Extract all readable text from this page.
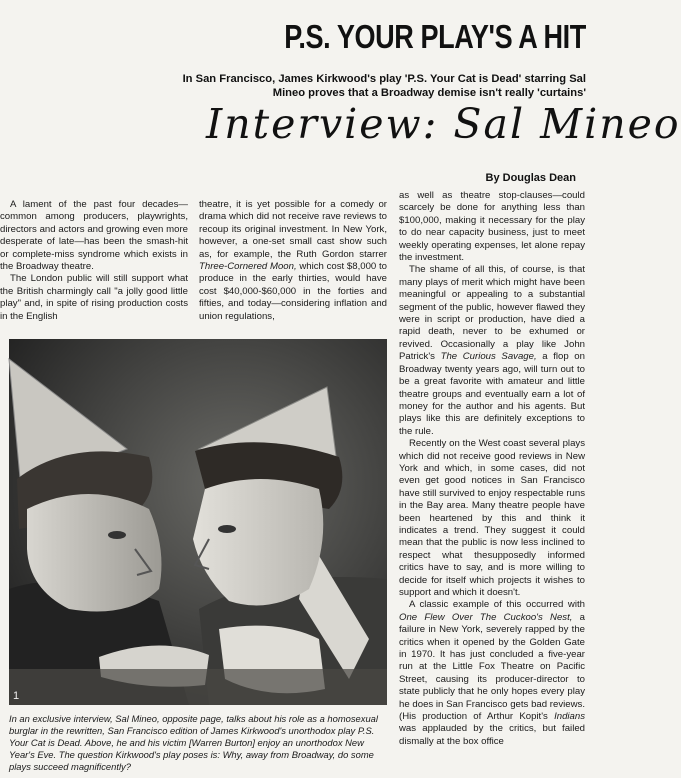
P.S. YOUR PLAY'S A HIT
In San Francisco, James Kirkwood's play 'P.S. Your Cat is Dead' starring Sal Mineo proves that a Broadway demise isn't really 'curtains'
Interview: Sal Mineo
By Douglas Dean

A lament of the past four decades—common among producers, playwrights, directors and actors and growing even more desperate of late—has been the smash-hit or complete-miss syndrome which exists in the Broadway theatre.

The London public will still support what the British charmingly call "a jolly good little play" and, in spite of rising production costs in the English

theatre, it is yet possible for a comedy or drama which did not receive rave reviews to recoup its original investment. In New York, however, a one-set small cast show such as, for example, the Ruth Gordon starrer Three-Cornered Moon, which cost $8,000 to produce in the early thirties, would have cost $40,000-$60,000 in the forties and fifties, and today—considering inflation and union regulations,

as well as theatre stop-clauses—could scarcely be done for anything less than $100,000, making it necessary for the play to do near capacity business, just to meet weekly operating expenses, let alone repay the investment.

The shame of all this, of course, is that many plays of merit which might have been meaningful or appealing to a substantial segment of the public, however flawed they were in script or production, have died a rapid death, never to be exhumed or revived. Occasionally a play like John Patrick's The Curious Savage, a flop on Broadway twenty years ago, will turn out to be a great favorite with amateur and little theatre groups and eventually earn a lot of money for the author and his agents. But plays like this are definitely exceptions to the rule.

Recently on the West coast several plays which did not receive good reviews in New York and which, in some cases, did not even get good notices in San Francisco have still survived to enjoy respectable runs in the Bay area. Many theatre people have been heartened by this and think it indicates a trend. They suggest it could mean that the public is now less inclined to respect what thesupposedly informed critics have to say, and is more willing to decide for itself which projects it wishes to support and which it doesn't.

A classic example of this occurred with One Flew Over The Cuckoo's Nest, a failure in New York, severely rapped by the critics when it opened by the Golden Gate in 1970. It has just concluded a five-year run at the Little Fox Theatre on Pacific Street, causing its producer-director to state publicly that he only hopes every play he does in San Francisco gets bad reviews. (His production of Arthur Kopit's Indians was applauded by the critics, but failed dismally at the box office

1
In an exclusive interview, Sal Mineo, opposite page, talks about his role as a homosexual burglar in the rewritten, San Francisco edition of James Kirkwood's unorthodox play P.S. Your Cat is Dead. Above, he and his victim [Warren Burton] enjoy an unorthodox New Year's Eve. The question Kirkwood's play poses is: Why, away from Broadway, do some plays succeed magnificently?
